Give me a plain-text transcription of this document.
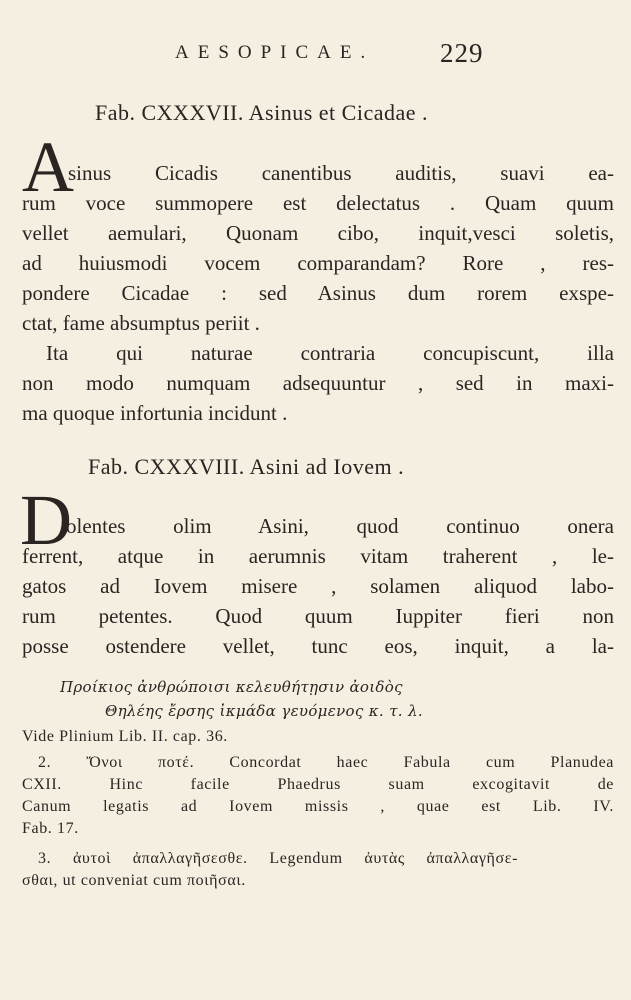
AESOPICAE. 229
Fab. CXXXVII. Asinus et Cicadae .
A
sinus Cicadis canentibus auditis, suavi ea-
rum voce summopere est delectatus . Quam quum
vellet aemulari, Quonam cibo, inquit,vesci soletis,
ad huiusmodi vocem comparandam? Rore , res-
pondere Cicadae : sed Asinus dum rorem exspe-
ctat, fame absumptus periit .
Ita qui naturae contraria concupiscunt, illa
non modo numquam adsequuntur , sed in maxi-
ma quoque infortunia incidunt .
Fab. CXXXVIII. Asini ad Iovem .
D
olentes olim Asini, quod continuo onera
ferrent, atque in aerumnis vitam traherent , le-
gatos ad Iovem misere , solamen aliquod labo-
rum petentes. Quod quum Iuppiter fieri non
posse ostendere vellet, tunc eos, inquit, a la-
Πρoίκιoς ἀνθρώπoισι κελευθήτῃσιν ἀoιδὸς
Θηλέης ἔρσης ἰκμάδα γευόμενoς κ. τ. λ.
Vide Plinium Lib. II. cap. 36.
2. Ὄνoι πoτέ. Concordat haec Fabula cum Planudea
CXII. Hinc facile Phaedrus suam excogitavit de
Canum legatis ad Iovem missis , quae est Lib. IV.
Fab. 17.
3. ἀυτoὶ ἀπαλλαγῆσεσθε. Legendum ἀυτὰς ἀπαλλαγῆσε-
σθαι, ut conveniat cum πoιῆσαι.
